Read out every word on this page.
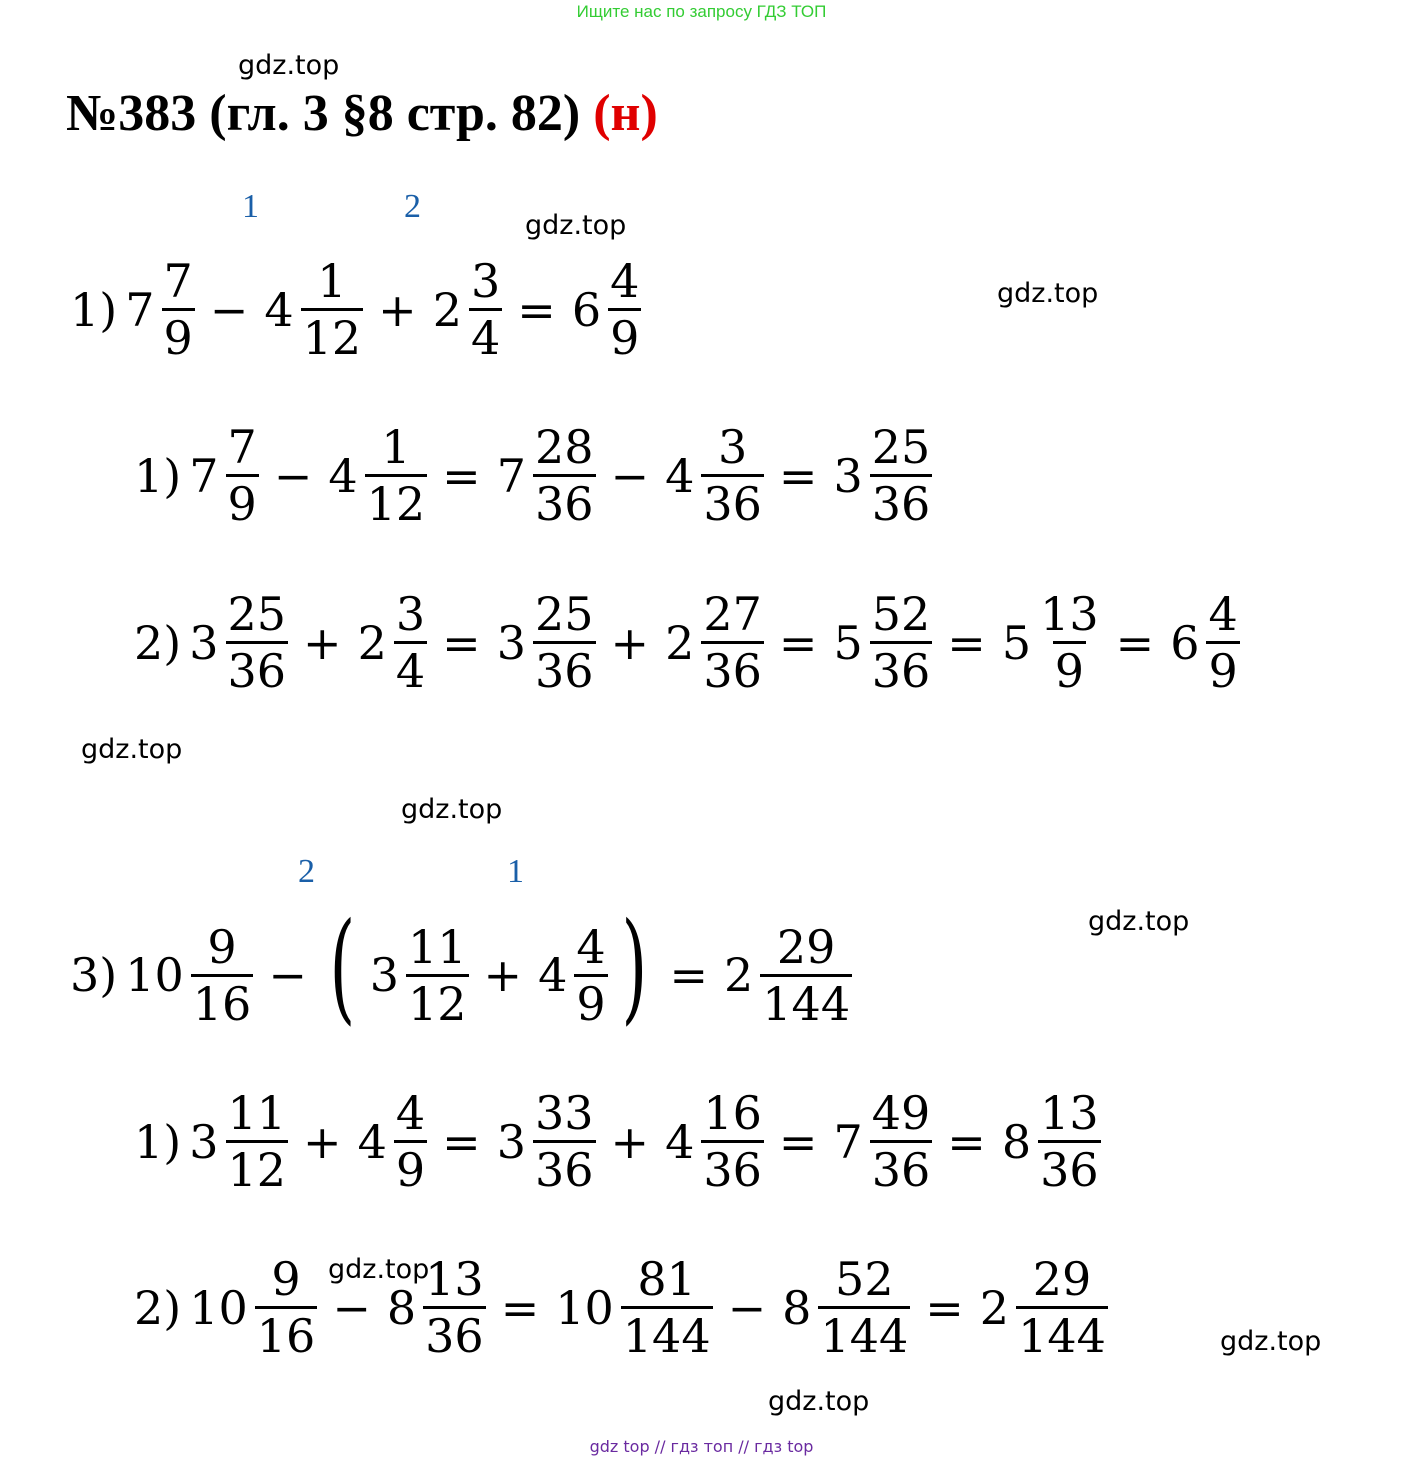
Ищите нас по запросу ГДЗ ТОП
gdz.top
gdz.top
gdz.top
gdz.top
gdz.top
gdz.top
gdz.top
gdz.top
gdz.top
№383 (гл. 3 §8 стр. 82) (н)
1	2
2	1
1) $7 \frac{7}{9} - 4 \frac{1}{12} + 2 \frac{3}{4} = 6 \frac{4}{9}$
1) $7 \frac{7}{9} - 4 \frac{1}{12} = 7 \frac{28}{36} - 4 \frac{3}{36} = 3 \frac{25}{36}$
2) $3 \frac{25}{36} + 2 \frac{3}{4} = 3 \frac{25}{36} + 2 \frac{27}{36} = 5 \frac{52}{36} = 5 \frac{13}{9} = 6 \frac{4}{9}$
3) $10 \frac{9}{16}$ − ( $3 \frac{11}{12} + 4 \frac{4}{9}$ ) = $2 \frac{29}{144}$
1) $3 \frac{11}{12} + 4 \frac{4}{9} = 3 \frac{33}{36} + 4 \frac{16}{36} = 7 \frac{49}{36} = 8 \frac{13}{36}$
2) $10 \frac{9}{16} - 8 \frac{13}{36} = 10 \frac{81}{144} - 8 \frac{52}{144} = 2 \frac{29}{144}$
gdz top // гдз топ // гдз top
